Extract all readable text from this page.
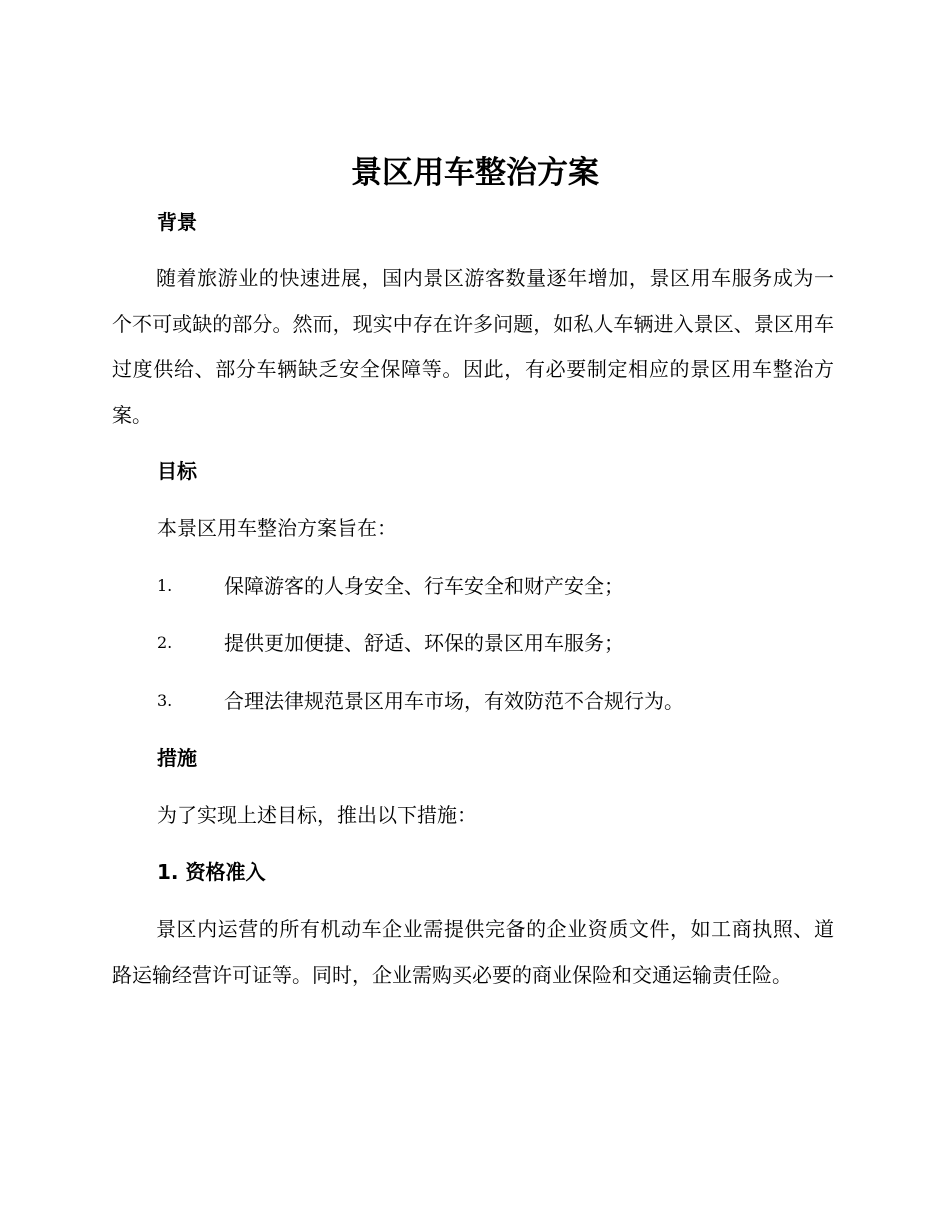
景区用车整治方案
背景

随着旅游业的快速进展，国内景区游客数量逐年增加，景区用车服务成为一个不可或缺的部分。然而，现实中存在许多问题，如私人车辆进入景区、景区用车过度供给、部分车辆缺乏安全保障等。因此，有必要制定相应的景区用车整治方案。

目标

本景区用车整治方案旨在：

1.	保障游客的人身安全、行车安全和财产安全；
2.	提供更加便捷、舒适、环保的景区用车服务；
3.	合理法律规范景区用车市场，有效防范不合规行为。
措施

为了实现上述目标，推出以下措施：

1. 资格准入

景区内运营的所有机动车企业需提供完备的企业资质文件，如工商执照、道路运输经营许可证等。同时，企业需购买必要的商业保险和交通运输责任险。
